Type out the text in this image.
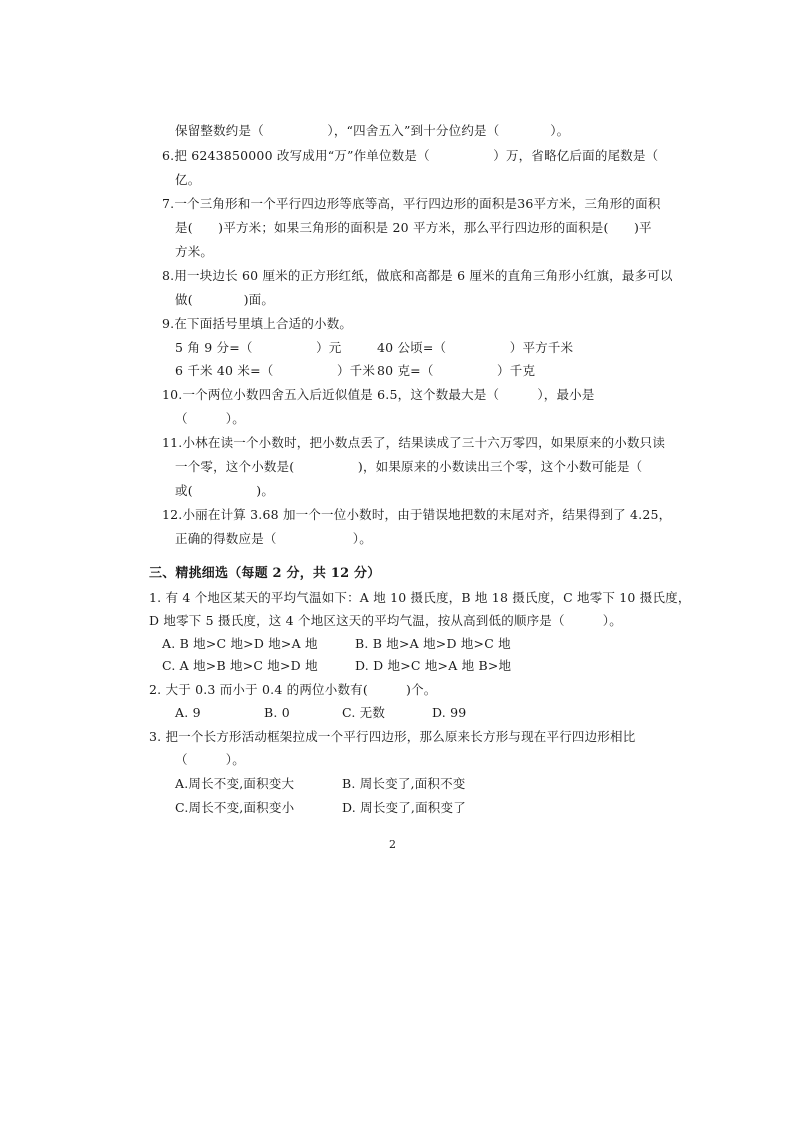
保留整数约是（　　　　　），“四舍五入”到十分位约是（　　　　）。
6.把 6243850000 改写成用“万”作单位数是（　　　　　）万，省略亿后面的尾数是（
亿。
7.一个三角形和一个平行四边形等底等高，平行四边形的面积是36平方米，三角形的面积
是(　　)平方米；如果三角形的面积是 20 平方米，那么平行四边形的面积是(　　)平
方米。
8.用一块边长 60 厘米的正方形红纸，做底和高都是 6 厘米的直角三角形小红旗，最多可以
做(　　　　)面。
9.在下面括号里填上合适的小数。
5 角 9 分=（　　　　　）元	40 公顷=（　　　　　）平方千米
6 千米 40 米=（　　　　　）千米 80 克=（　　　　　）千克
10.一个两位小数四舍五入后近似值是 6.5，这个数最大是（　　　），最小是
（　　　）。
11.小林在读一个小数时，把小数点丢了，结果读成了三十六万零四，如果原来的小数只读
一个零，这个小数是(　　　　　)，如果原来的小数读出三个零，这个小数可能是（
或(　　　　　)。
12.小丽在计算 3.68 加一个一位小数时，由于错误地把数的末尾对齐，结果得到了 4.25，
正确的得数应是（　　　　　　）。
三、精挑细选（每题 2 分，共 12 分）
1. 有 4 个地区某天的平均气温如下：A 地 10 摄氏度，B 地 18 摄氏度，C 地零下 10 摄氏度，
D 地零下 5 摄氏度，这 4 个地区这天的平均气温，按从高到低的顺序是（　　　）。
A. B 地>C 地>D 地>A 地	B. B 地>A 地>D 地>C 地
C. A 地>B 地>C 地>D 地	D. D 地>C 地>A 地 B>地
2. 大于 0.3 而小于 0.4 的两位小数有(　　　)个。
A. 9	B. 0	C. 无数	D. 99
3. 把一个长方形活动框架拉成一个平行四边形，那么原来长方形与现在平行四边形相比
（　　　）。
A.周长不变,面积变大	B. 周长变了,面积不变
C.周长不变,面积变小	D. 周长变了,面积变了
2
